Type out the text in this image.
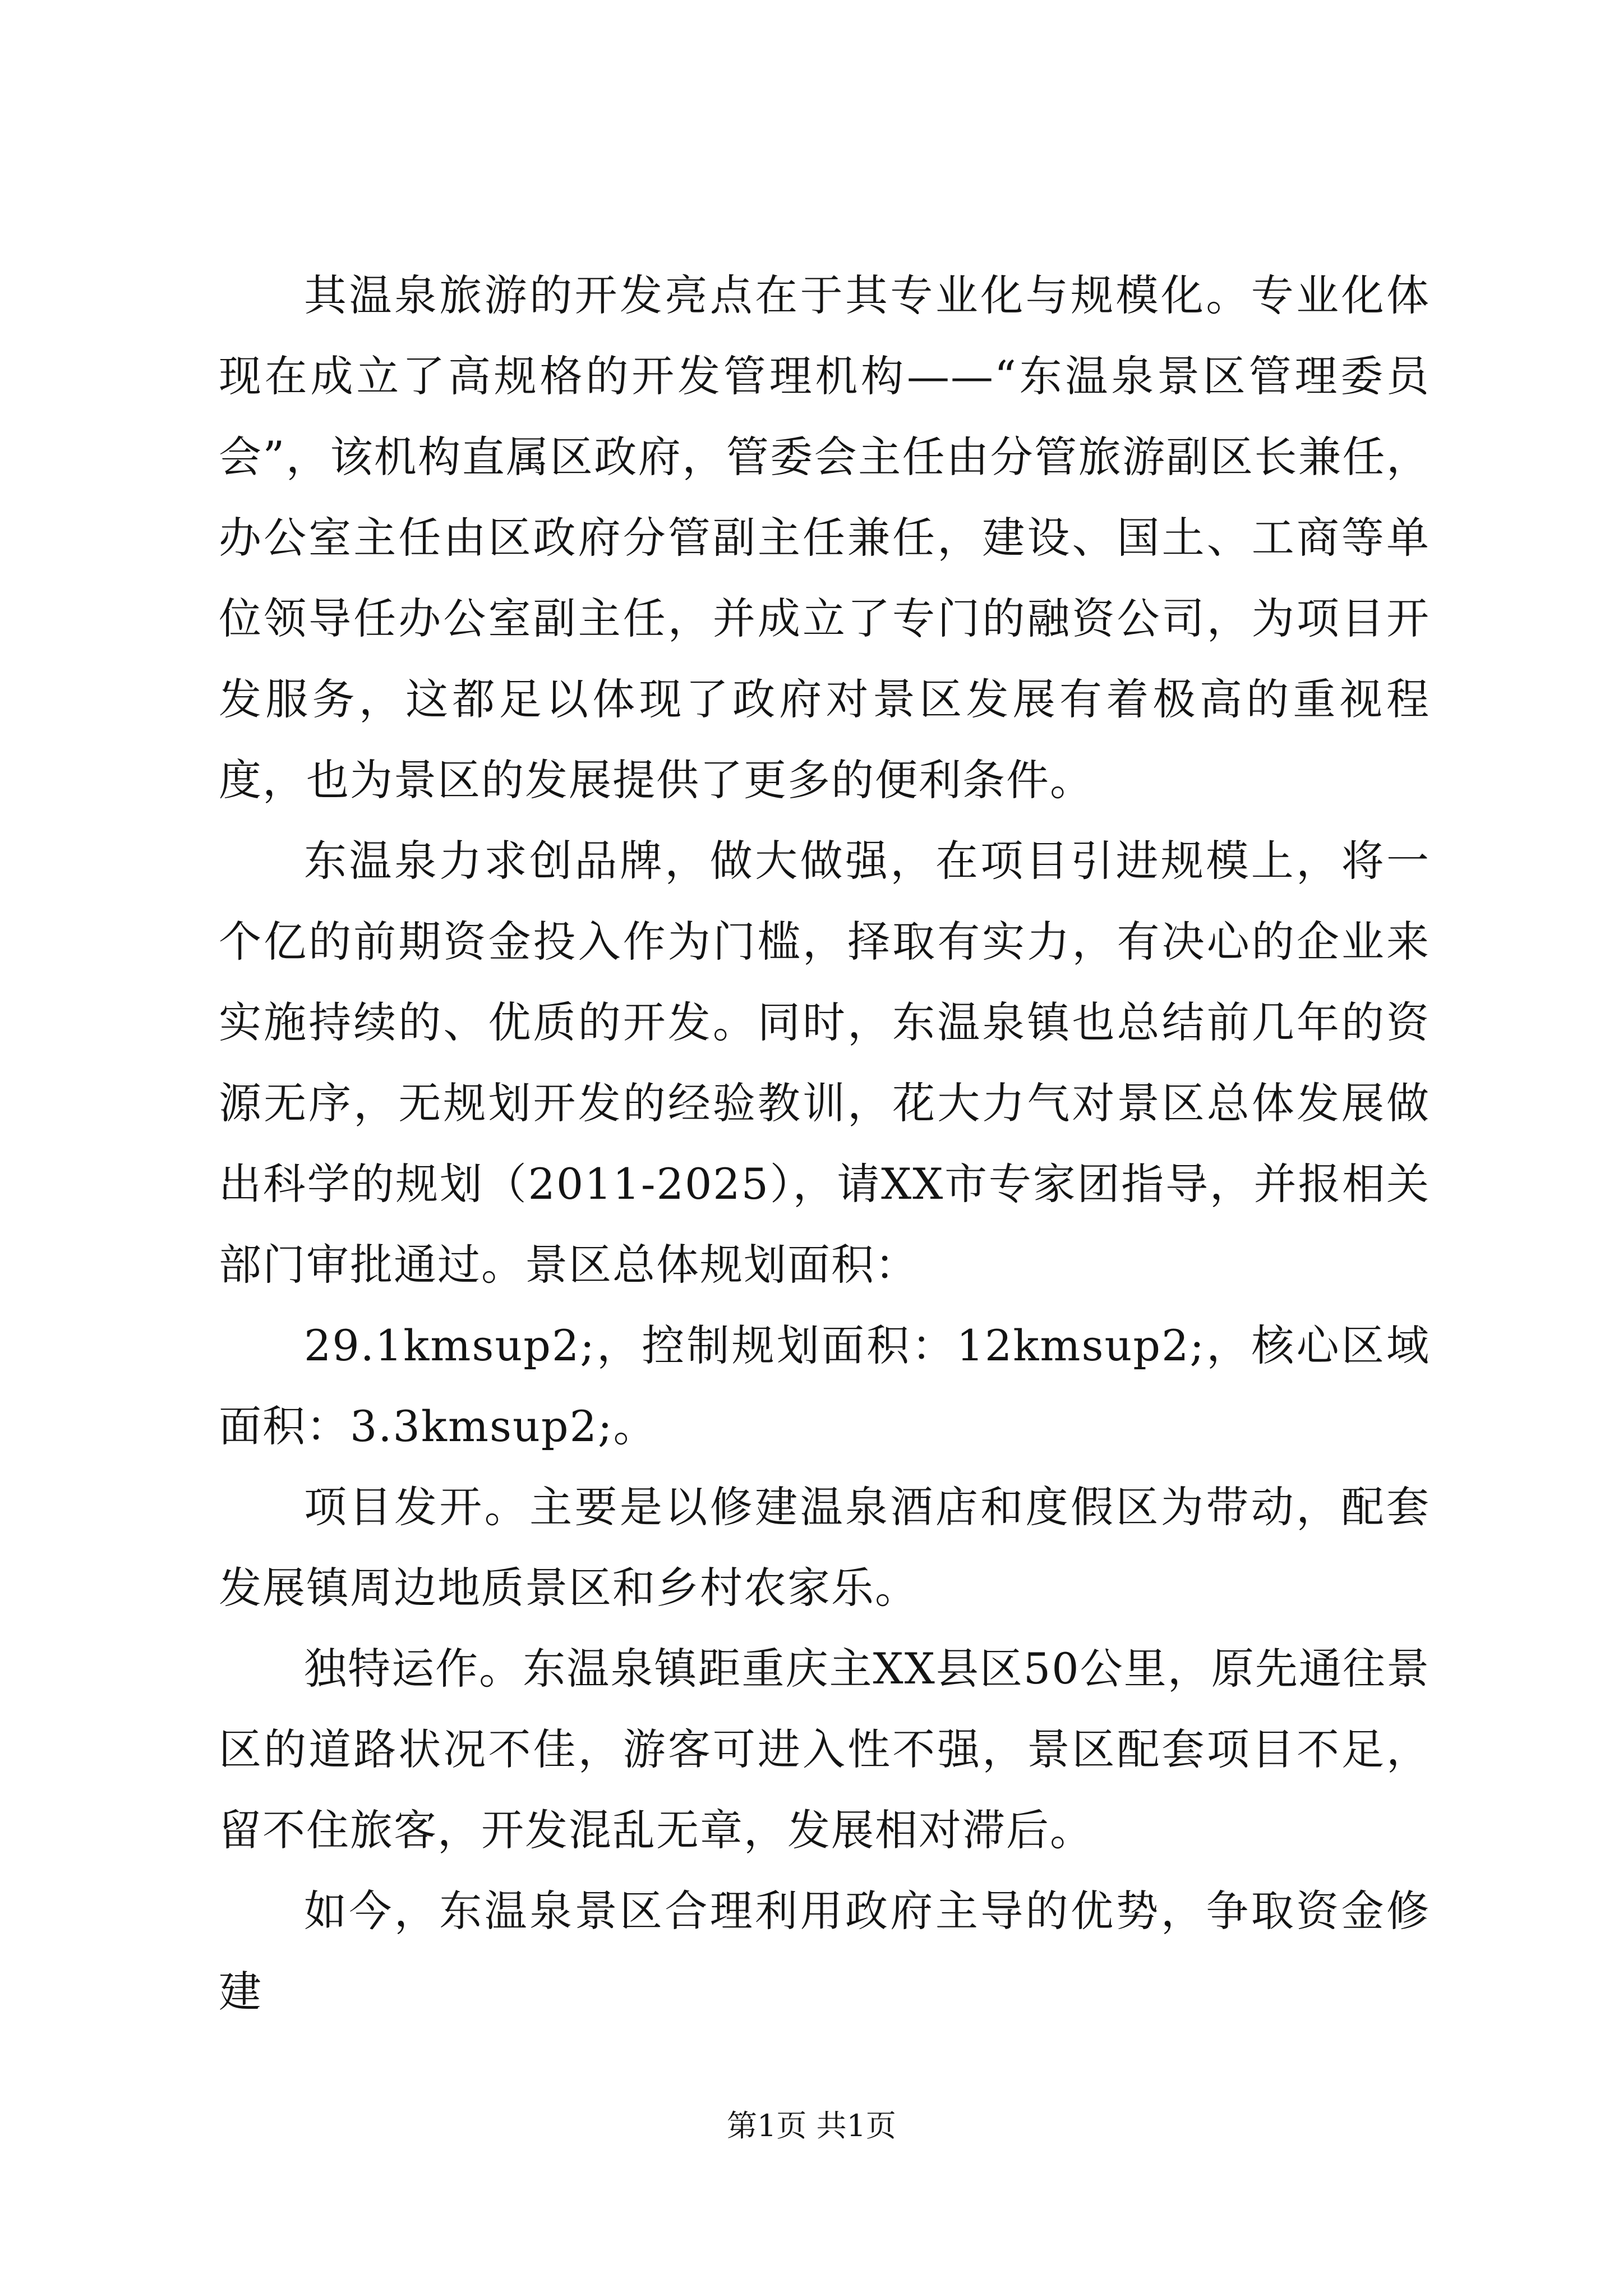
其温泉旅游的开发亮点在于其专业化与规模化。专业化体现在成立了高规格的开发管理机构——“东温泉景区管理委员会”，该机构直属区政府，管委会主任由分管旅游副区长兼任，办公室主任由区政府分管副主任兼任，建设、国土、工商等单位领导任办公室副主任，并成立了专门的融资公司，为项目开发服务，这都足以体现了政府对景区发展有着极高的重视程度，也为景区的发展提供了更多的便利条件。

东温泉力求创品牌，做大做强，在项目引进规模上，将一个亿的前期资金投入作为门槛，择取有实力，有决心的企业来实施持续的、优质的开发。同时，东温泉镇也总结前几年的资源无序，无规划开发的经验教训，花大力气对景区总体发展做出科学的规划（2011-2025），请XX市专家团指导，并报相关部门审批通过。景区总体规划面积：

29.1kmsup2;，控制规划面积：12kmsup2;，核心区域面积：3.3kmsup2;。

项目发开。主要是以修建温泉酒店和度假区为带动，配套发展镇周边地质景区和乡村农家乐。

独特运作。东温泉镇距重庆主XX县区50公里，原先通往景区的道路状况不佳，游客可进入性不强，景区配套项目不足，留不住旅客，开发混乱无章，发展相对滞后。

如今，东温泉景区合理利用政府主导的优势，争取资金修建

第1页 共1页
